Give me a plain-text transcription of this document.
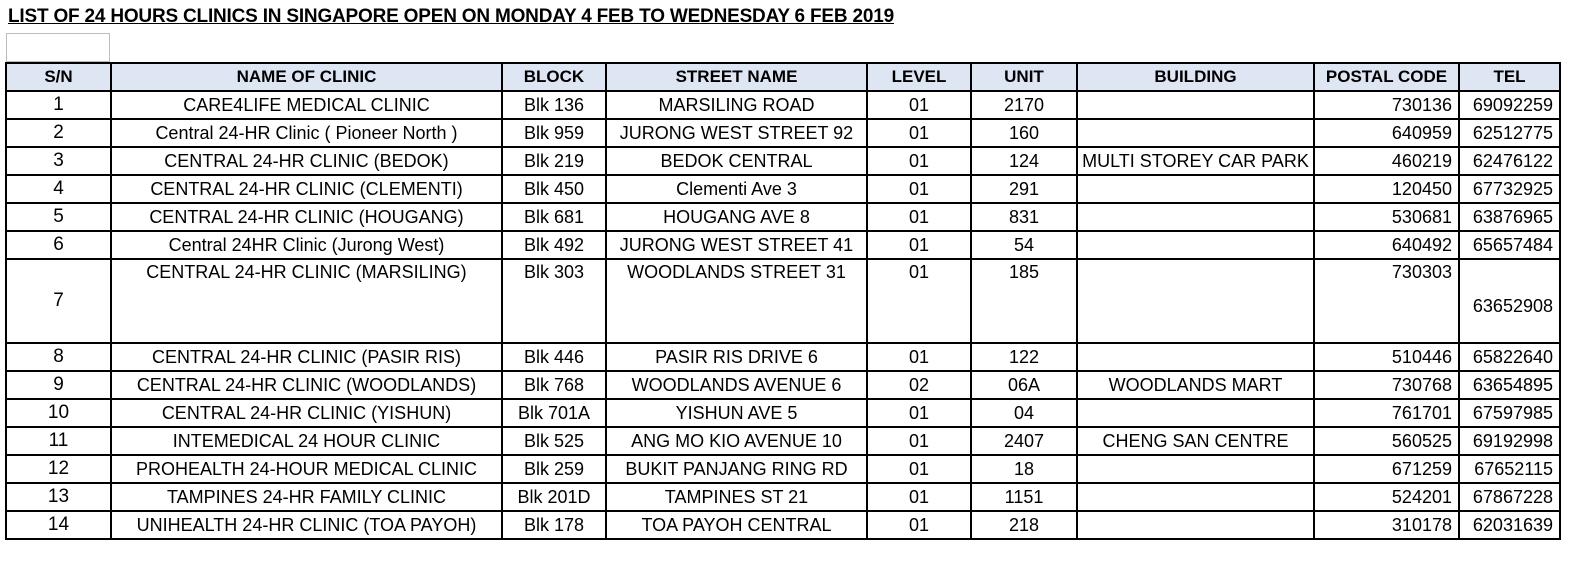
LIST OF 24 HOURS CLINICS IN SINGAPORE OPEN ON MONDAY 4 FEB TO WEDNESDAY 6 FEB 2019
S/N	NAME OF CLINIC	BLOCK	STREET NAME	LEVEL	UNIT	BUILDING	POSTAL CODE	TEL
1	CARE4LIFE MEDICAL CLINIC	Blk 136	MARSILING ROAD	01	2170		730136	69092259
2	Central 24-HR Clinic ( Pioneer North )	Blk 959	JURONG WEST STREET 92	01	160		640959	62512775
3	CENTRAL 24-HR CLINIC (BEDOK)	Blk 219	BEDOK CENTRAL	01	124	MULTI STOREY CAR PARK	460219	62476122
4	CENTRAL 24-HR CLINIC (CLEMENTI)	Blk 450	Clementi Ave 3	01	291		120450	67732925
5	CENTRAL 24-HR CLINIC (HOUGANG)	Blk 681	HOUGANG AVE 8	01	831		530681	63876965
6	Central 24HR Clinic (Jurong West)	Blk 492	JURONG WEST STREET 41	01	54		640492	65657484
7	CENTRAL 24-HR CLINIC (MARSILING)	Blk 303	WOODLANDS STREET 31	01	185		730303	63652908
8	CENTRAL 24-HR CLINIC (PASIR RIS)	Blk 446	PASIR RIS DRIVE 6	01	122		510446	65822640
9	CENTRAL 24-HR CLINIC (WOODLANDS)	Blk 768	WOODLANDS AVENUE 6	02	06A	WOODLANDS MART	730768	63654895
10	CENTRAL 24-HR CLINIC (YISHUN)	Blk 701A	YISHUN AVE 5	01	04		761701	67597985
11	INTEMEDICAL 24 HOUR CLINIC	Blk 525	ANG MO KIO AVENUE 10	01	2407	CHENG SAN CENTRE	560525	69192998
12	PROHEALTH 24-HOUR MEDICAL CLINIC	Blk 259	BUKIT PANJANG RING RD	01	18		671259	67652115
13	TAMPINES 24-HR FAMILY CLINIC	Blk 201D	TAMPINES ST 21	01	1151		524201	67867228
14	UNIHEALTH 24-HR CLINIC (TOA PAYOH)	Blk 178	TOA PAYOH CENTRAL	01	218		310178	62031639
